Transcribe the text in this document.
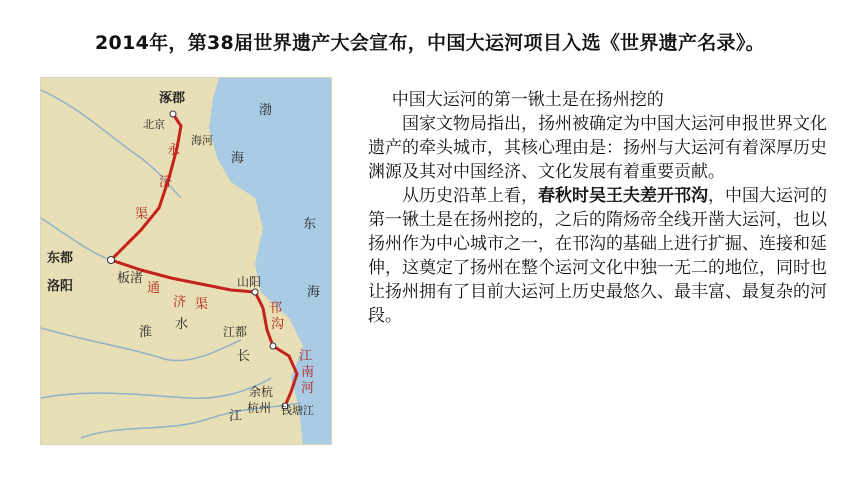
2014年，第38届世界遗产大会宣布，中国大运河项目入选《世界遗产名录》。
涿郡
北京
海河
渤
海
永
济
渠
东都
洛阳
板渚
通
济 渠
淮
水
山阳
邗
沟
江都
长
江
江
南
河
余杭
杭州 钱塘江
东
海

中国大运河的第一锹土是在扬州挖的

国家文物局指出，扬州被确定为中国大运河申报世界文化遗产的牵头城市，其核心理由是：扬州与大运河有着深厚历史渊源及其对中国经济、文化发展有着重要贡献。

从历史沿革上看，春秋时吴王夫差开邗沟，中国大运河的第一锹土是在扬州挖的，之后的隋炀帝全线开凿大运河，也以扬州作为中心城市之一，在邗沟的基础上进行扩掘、连接和延伸，这奠定了扬州在整个运河文化中独一无二的地位，同时也让扬州拥有了目前大运河上历史最悠久、最丰富、最复杂的河段。
